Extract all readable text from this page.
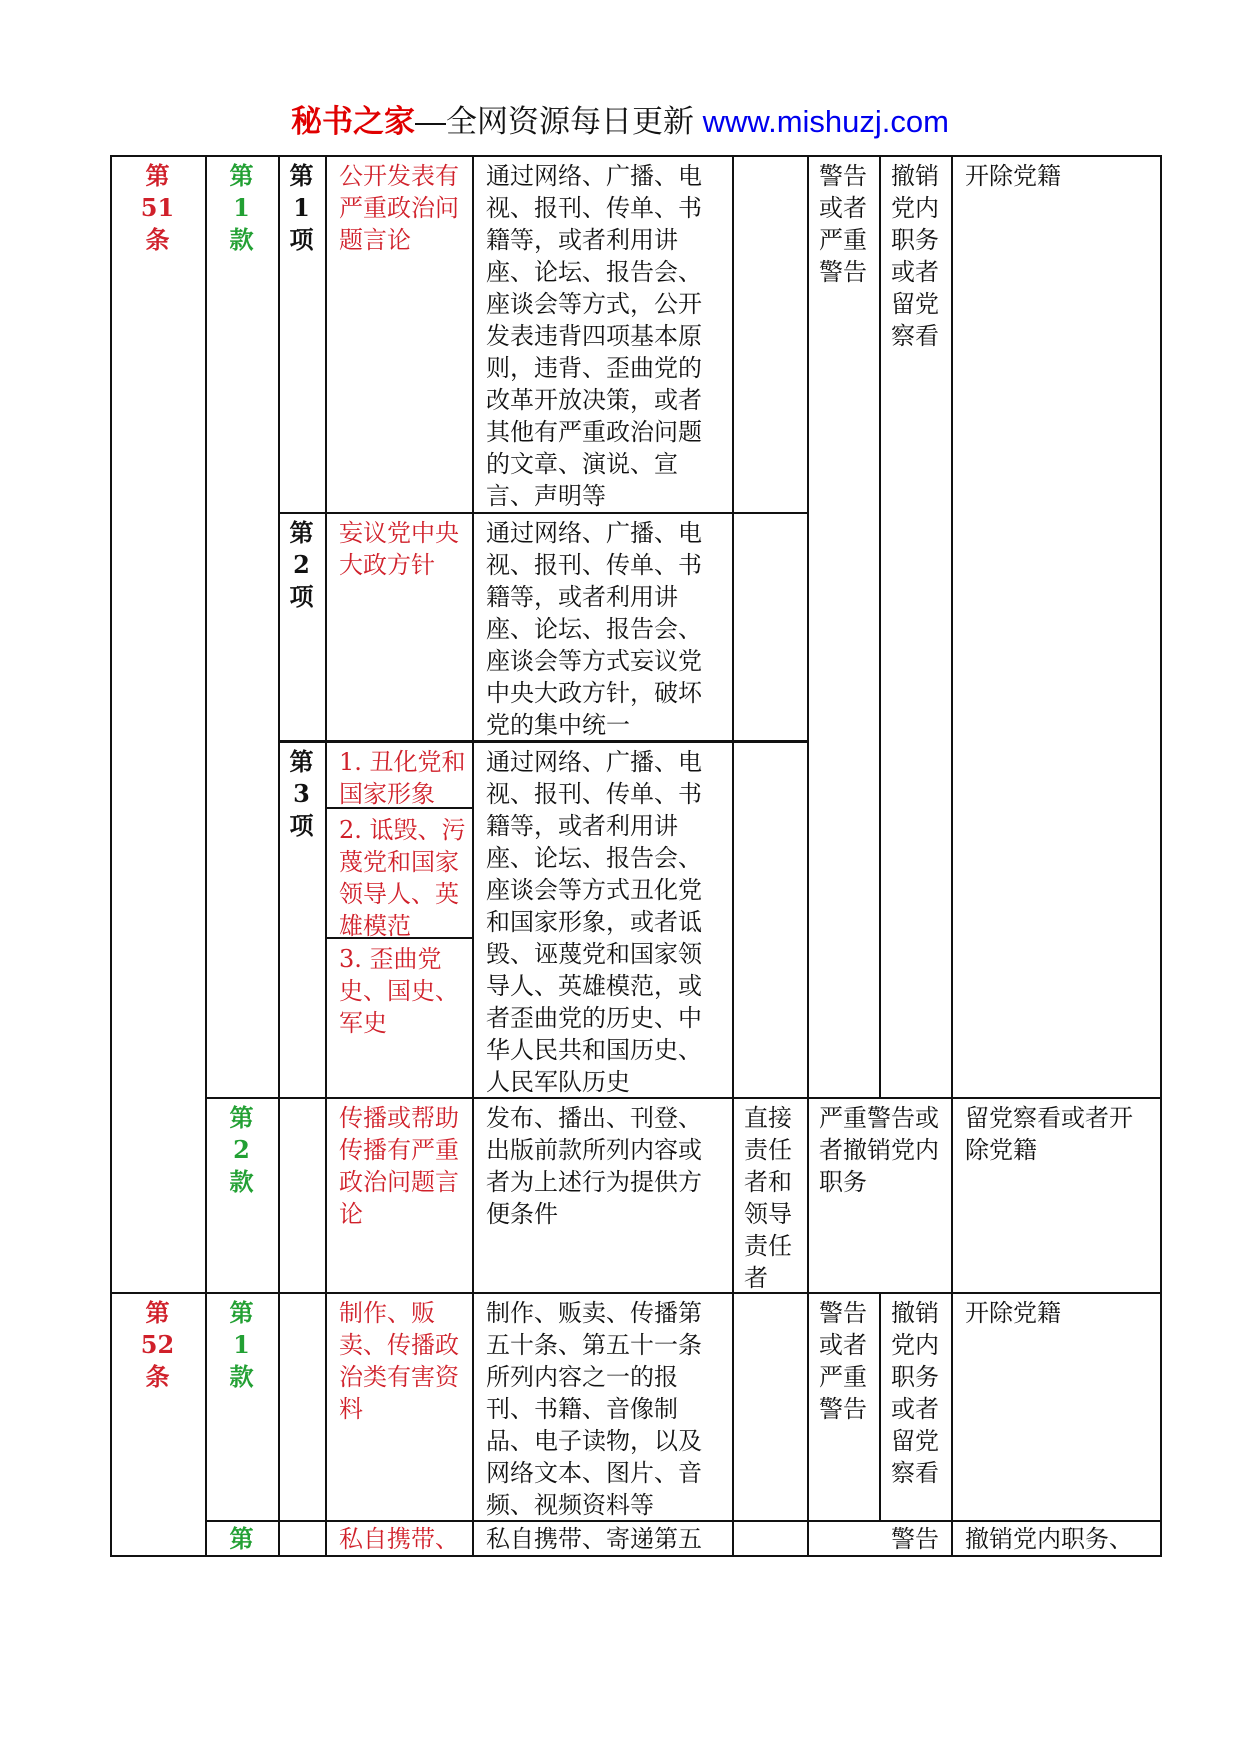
秘书之家—全网资源每日更新 www.mishuzj.com
第
51
条
第
1
款
第
1
项
公开发表有
严重政治问
题言论
通过网络、广播、电
视、报刊、传单、书
籍等，或者利用讲
座、论坛、报告会、
座谈会等方式，公开
发表违背四项基本原
则，违背、歪曲党的
改革开放决策，或者
其他有严重政治问题
的文章、演说、宣
言、声明等
第
2
项
妄议党中央
大政方针
通过网络、广播、电
视、报刊、传单、书
籍等，或者利用讲
座、论坛、报告会、
座谈会等方式妄议党
中央大政方针，破坏
党的集中统一
第
3
项
通过网络、广播、电
视、报刊、传单、书
籍等，或者利用讲
座、论坛、报告会、
座谈会等方式丑化党
和国家形象，或者诋
毁、诬蔑党和国家领
导人、英雄模范，或
者歪曲党的历史、中
华人民共和国历史、
人民军队历史
1. 丑化党和
国家形象
2. 诋毁、污
蔑党和国家
领导人、英
雄模范
3. 歪曲党
史、国史、
军史
警告
或者
严重
警告
撤销
党内
职务
或者
留党
察看
开除党籍
第
2
款
传播或帮助
传播有严重
政治问题言
论
发布、播出、刊登、
出版前款所列内容或
者为上述行为提供方
便条件
直接
责任
者和
领导
责任
者
严重警告或
者撤销党内
职务
留党察看或者开
除党籍
第
52
条
第
1
款
制作、贩
卖、传播政
治类有害资
料
制作、贩卖、传播第
五十条、第五十一条
所列内容之一的报
刊、书籍、音像制
品、电子读物，以及
网络文本、图片、音
频、视频资料等
警告
或者
严重
警告
撤销
党内
职务
或者
留党
察看
开除党籍
第	私自携带、 私自携带、寄递第五	警告 撤销党内职务、
